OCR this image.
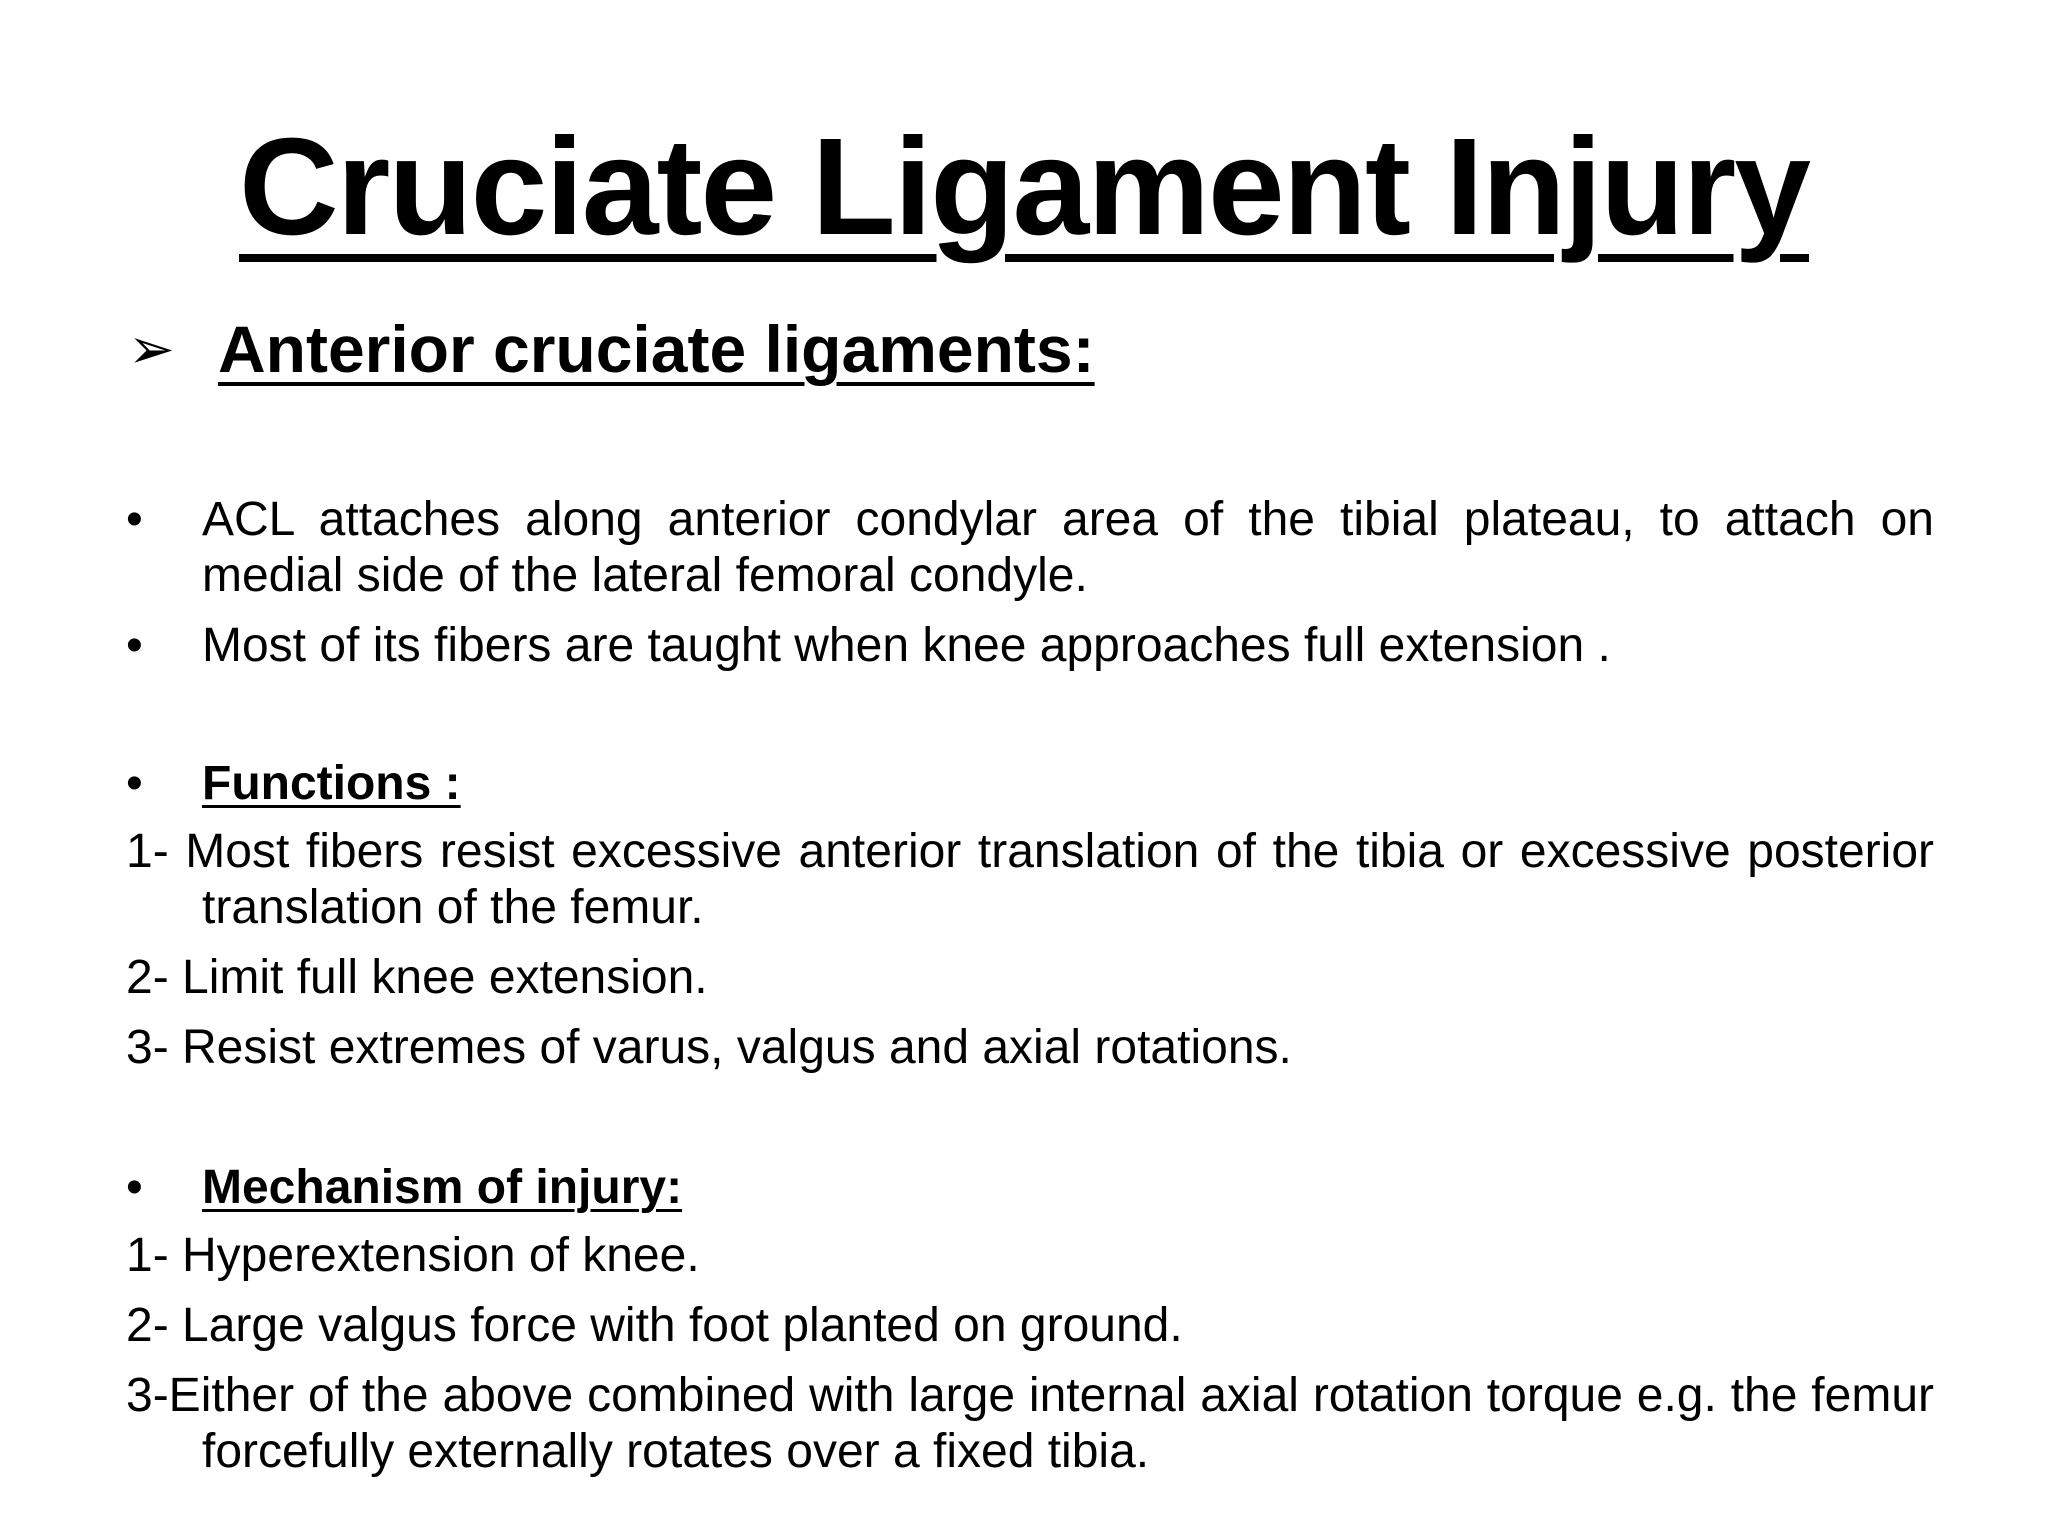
Cruciate Ligament Injury
➢ Anterior cruciate ligaments:
• ACL attaches along anterior condylar area of the tibial plateau, to attach on medial side of the lateral femoral condyle.
• Most of its fibers are taught when knee approaches full extension .
• Functions :
1- Most fibers resist excessive anterior translation of the tibia or excessive posterior translation of the femur.
2- Limit full knee extension.
3- Resist extremes of varus, valgus and axial rotations.
• Mechanism of injury:
1- Hyperextension of knee.
2- Large valgus force with foot planted on ground.
3-Either of the above combined with large internal axial rotation torque e.g. the femur forcefully externally rotates over a fixed tibia.
